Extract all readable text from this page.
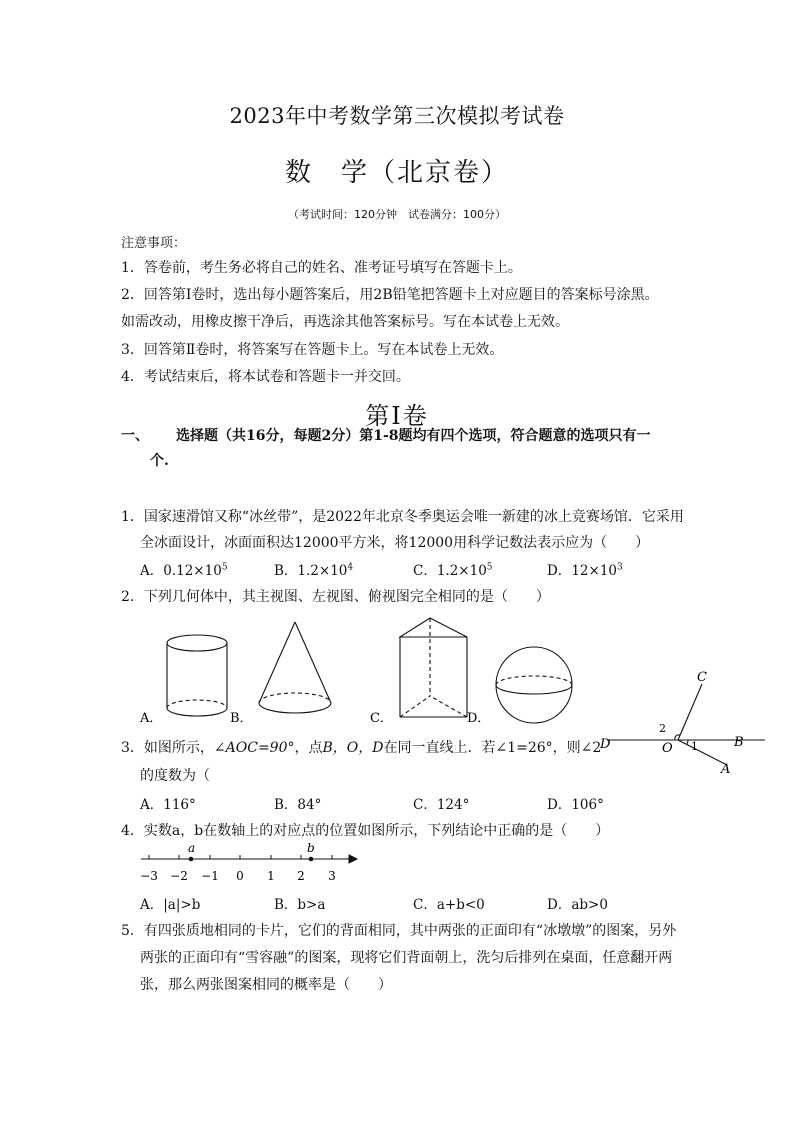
2023年中考数学第三次模拟考试卷
数　学（北京卷）
（考试时间：120分钟　试卷满分：100分）
注意事项：
1．答卷前，考生务必将自己的姓名、准考证号填写在答题卡上。
2．回答第Ⅰ卷时，选出每小题答案后，用2B铅笔把答题卡上对应题目的答案标号涂黑。
如需改动，用橡皮擦干净后，再选涂其他答案标号。写在本试卷上无效。
3．回答第Ⅱ卷时，将答案写在答题卡上。写在本试卷上无效。
4．考试结束后，将本试卷和答题卡一并交回。
第Ⅰ卷
一、 选择题（共16分，每题2分）第1-8题均有四个选项，符合题意的选项只有一
个.
1．国家速滑馆又称“冰丝带”，是2022年北京冬季奥运会唯一新建的冰上竞赛场馆．它采用
全冰面设计，冰面面积达12000平方米，将12000用科学记数法表示应为（　　）
A．$0.12\times 10^5$	B．$1.2\times 10^4$	C．$1.2\times 10^5$	D．$12\times 10^3$
2．下列几何体中，其主视图、左视图、俯视图完全相同的是（　　）
A．	B．	C．	D．
3．如图所示，∠AOC=90°，点B，O，D在同一直线上．若∠1=26°，则∠2
的度数为（
C
D	O	B
A
1
2
A．116°	B．84°	C．124°	D．106°
4．实数a，b在数轴上的对应点的位置如图所示，下列结论中正确的是（　　）
a	b
−3 −2 −1 0 1 2 3
A．|a|>b	B．b>a	C．a+b<0	D．ab>0
5．有四张质地相同的卡片，它们的背面相同，其中两张的正面印有“冰墩墩”的图案，另外
两张的正面印有“雪容融”的图案，现将它们背面朝上，洗匀后排列在桌面，任意翻开两
张，那么两张图案相同的概率是（　　）
